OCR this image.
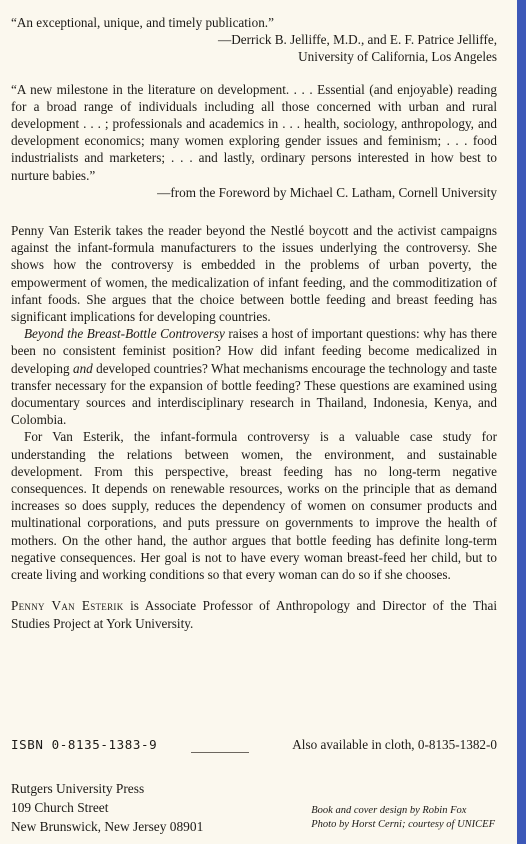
“An exceptional, unique, and timely publication.”

—Derrick B. Jelliffe, M.D., and E. F. Patrice Jelliffe,
University of California, Los Angeles

“A new milestone in the literature on development. . . . Essential (and enjoyable) reading for a broad range of individuals including all those concerned with urban and rural development . . . ; professionals and academics in . . . health, sociology, anthropology, and development economics; many women exploring gender issues and feminism; . . . food industrialists and marketers; . . . and lastly, ordinary persons interested in how best to nurture babies.”

—from the Foreword by Michael C. Latham, Cornell University

Penny Van Esterik takes the reader beyond the Nestlé boycott and the activist campaigns against the infant-formula manufacturers to the issues underlying the controversy. She shows how the controversy is embedded in the problems of urban poverty, the empowerment of women, the medicalization of infant feeding, and the commoditization of infant foods. She argues that the choice between bottle feeding and breast feeding has significant implications for developing countries.

Beyond the Breast-Bottle Controversy raises a host of important questions: why has there been no consistent feminist position? How did infant feeding become medicalized in developing and developed countries? What mechanisms encourage the technology and taste transfer necessary for the expansion of bottle feeding? These questions are examined using documentary sources and interdisciplinary research in Thailand, Indonesia, Kenya, and Colombia.

For Van Esterik, the infant-formula controversy is a valuable case study for understanding the relations between women, the environment, and sustainable development. From this perspective, breast feeding has no long-term negative consequences. It depends on renewable resources, works on the principle that as demand increases so does supply, reduces the dependency of women on consumer products and multinational corporations, and puts pressure on governments to improve the health of mothers. On the other hand, the author argues that bottle feeding has definite long-term negative consequences. Her goal is not to have every woman breast-feed her child, but to create living and working conditions so that every woman can do so if she chooses.

Penny Van Esterik is Associate Professor of Anthropology and Director of the Thai Studies Project at York University.

ISBN 0-8135-1383-9	Also available in cloth, 0-8135-1382-0
Rutgers University Press
109 Church Street
New Brunswick, New Jersey 08901
Book and cover design by Robin Fox
Photo by Horst Cerni; courtesy of UNICEF
